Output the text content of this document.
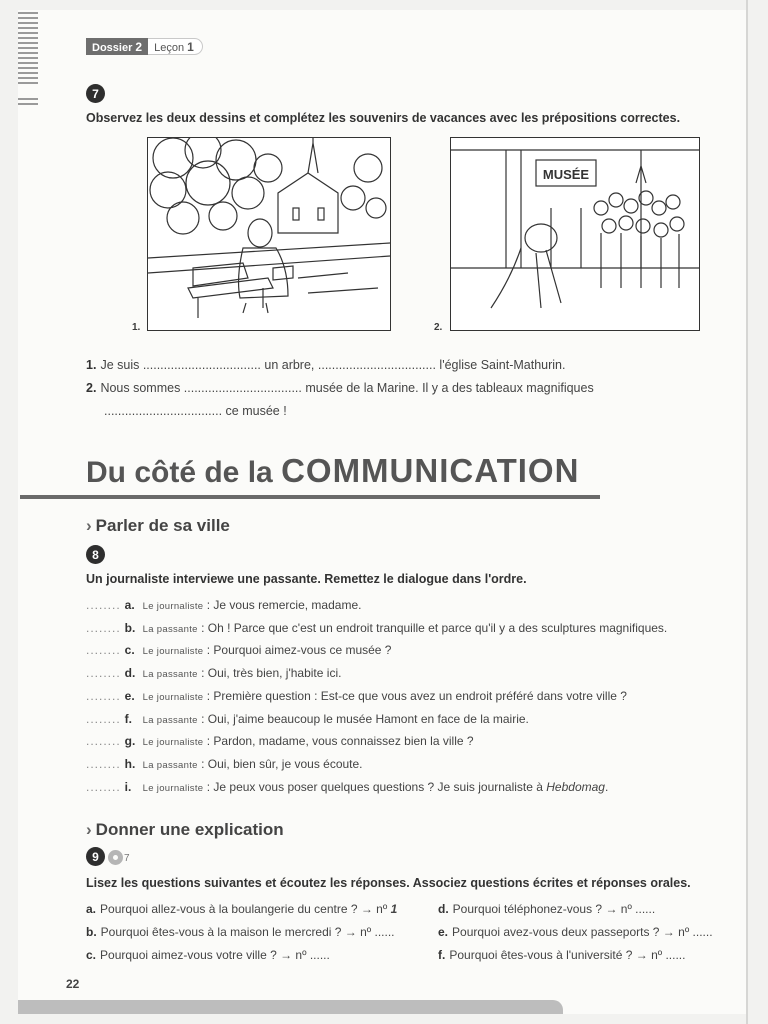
Dossier 2	Leçon 1
7
Observez les deux dessins et complétez les souvenirs de vacances avec les prépositions correctes.
1.
MUSÉE
2.
1. Je suis .................................. un arbre, .................................. l'église Saint-Mathurin.
2. Nous sommes .................................. musée de la Marine. Il y a des tableaux magnifiques
.................................. ce musée !
Du côté de la COMMUNICATION
› Parler de sa ville
8
Un journaliste interviewe une passante. Remettez le dialogue dans l'ordre.
........ a. Le journaliste : Je vous remercie, madame.
........ b. La passante : Oh ! Parce que c'est un endroit tranquille et parce qu'il y a des sculptures magnifiques.
........ c. Le journaliste : Pourquoi aimez-vous ce musée ?
........ d. La passante : Oui, très bien, j'habite ici.
........ e. Le journaliste : Première question : Est-ce que vous avez un endroit préféré dans votre ville ?
........ f. La passante : Oui, j'aime beaucoup le musée Hamont en face de la mairie.
........ g. Le journaliste : Pardon, madame, vous connaissez bien la ville ?
........ h. La passante : Oui, bien sûr, je vous écoute.
........ i. Le journaliste : Je peux vous poser quelques questions ? Je suis journaliste à Hebdomag.
› Donner une explication
9	7
Lisez les questions suivantes et écoutez les réponses. Associez questions écrites et réponses orales.
a. Pourquoi allez-vous à la boulangerie du centre ? → nº 1
b. Pourquoi êtes-vous à la maison le mercredi ? → nº ......
c. Pourquoi aimez-vous votre ville ? → nº ......
d. Pourquoi téléphonez-vous ? → nº ......
e. Pourquoi avez-vous deux passeports ? → nº ......
f. Pourquoi êtes-vous à l'université ? → nº ......
22
